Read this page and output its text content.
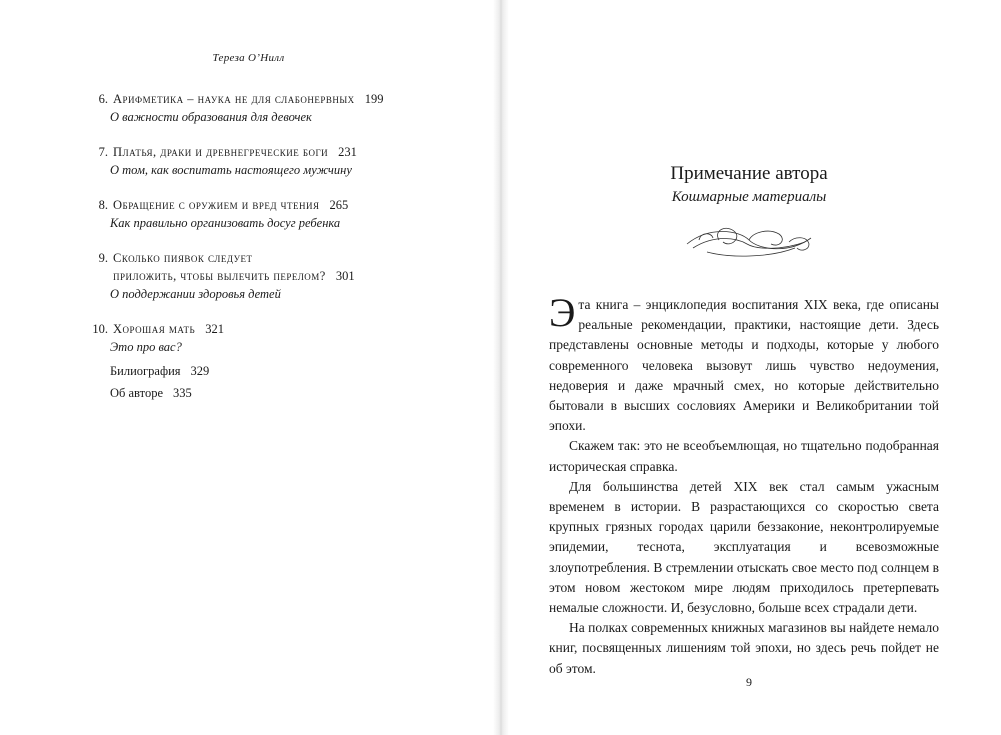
Тереза О’Нилл
6. Арифметика – наука не для слабонервных 199
О важности образования для девочек
7. Платья, драки и древнегреческие боги 231
О том, как воспитать настоящего мужчину
8. Обращение с оружием и вред чтения 265
Как правильно организовать досуг ребенка
9. Сколько пиявок следует
приложить, чтобы вылечить перелом? 301
О поддержании здоровья детей
10. Хорошая мать 321
Это про вас?
Билиография 329
Об авторе 335
Примечание автора
Кошмарные материалы

Эта книга – энциклопедия воспитания XIX века, где описаны реальные рекомендации, практики, настоящие дети. Здесь представлены основные методы и подходы, которые у любого современного человека вызовут лишь чувство недоумения, недоверия и даже мрачный смех, но которые действительно бытовали в высших сословиях Америки и Великобритании той эпохи.

Скажем так: это не всеобъемлющая, но тщательно подобранная историческая справка.

Для большинства детей XIX век стал самым ужасным временем в истории. В разрастающихся со скоростью света крупных грязных городах царили беззаконие, неконтролируемые эпидемии, теснота, эксплуатация и всевозможные злоупотребления. В стремлении отыскать свое место под солнцем в этом новом жестоком мире людям приходилось претерпевать немалые сложности. И, безусловно, больше всех страдали дети.

На полках современных книжных магазинов вы найдете немало книг, посвященных лишениям той эпохи, но здесь речь пойдет не об этом.

9
